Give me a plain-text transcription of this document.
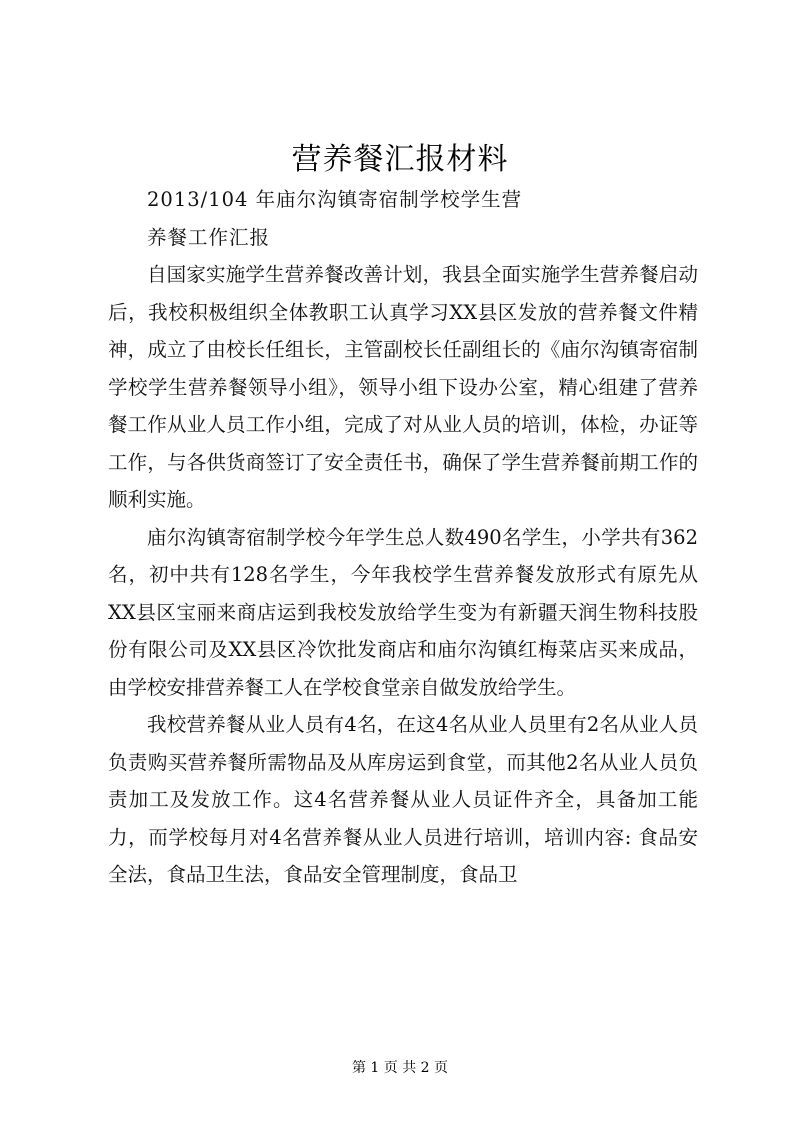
营养餐汇报材料

2013/104 年庙尔沟镇寄宿制学校学生营

养餐工作汇报

自国家实施学生营养餐改善计划，我县全面实施学生营养餐启动后，我校积极组织全体教职工认真学习XX县区发放的营养餐文件精神，成立了由校长任组长，主管副校长任副组长的《庙尔沟镇寄宿制学校学生营养餐领导小组》，领导小组下设办公室，精心组建了营养餐工作从业人员工作小组，完成了对从业人员的培训，体检，办证等工作，与各供货商签订了安全责任书，确保了学生营养餐前期工作的顺利实施。

庙尔沟镇寄宿制学校今年学生总人数490名学生，小学共有362名，初中共有128名学生，今年我校学生营养餐发放形式有原先从XX县区宝丽来商店运到我校发放给学生变为有新疆天润生物科技股份有限公司及XX县区冷饮批发商店和庙尔沟镇红梅菜店买来成品，由学校安排营养餐工人在学校食堂亲自做发放给学生。

我校营养餐从业人员有4名，在这4名从业人员里有2名从业人员负责购买营养餐所需物品及从库房运到食堂，而其他2名从业人员负责加工及发放工作。这4名营养餐从业人员证件齐全，具备加工能力，而学校每月对4名营养餐从业人员进行培训，培训内容: 食品安全法，食品卫生法，食品安全管理制度，食品卫

第 1 页 共 2 页
